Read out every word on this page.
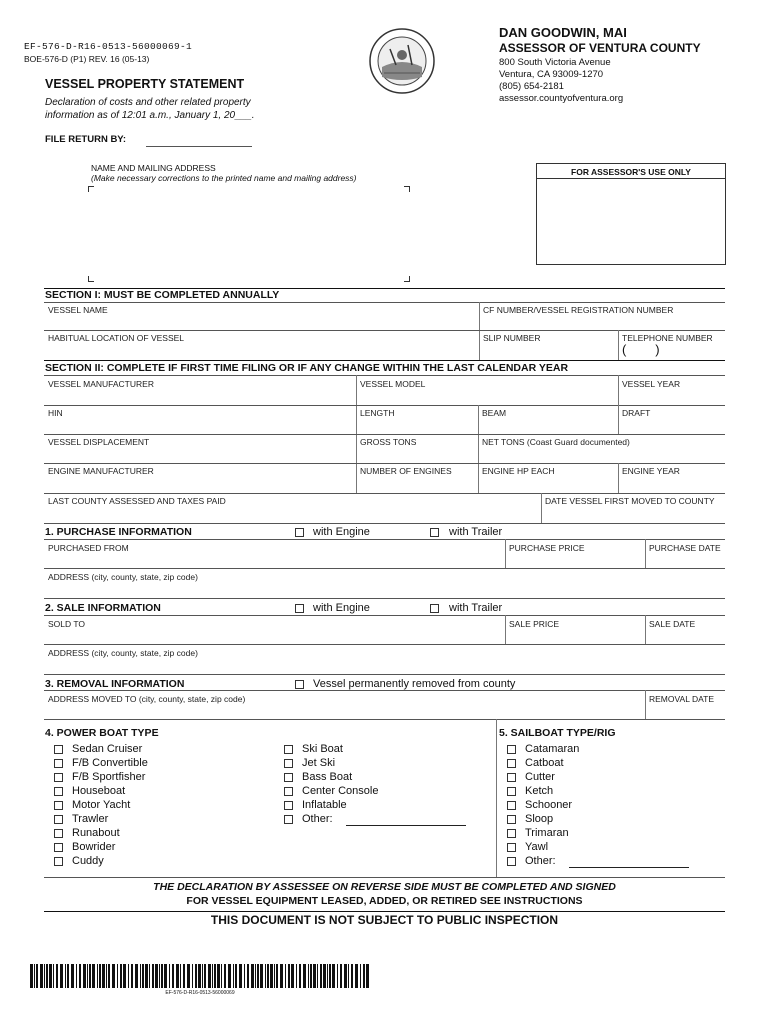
EF-576-D-R16-0513-56000069-1
BOE-576-D (P1) REV. 16 (05-13)
VESSEL PROPERTY STATEMENT
Declaration of costs and other related property
information as of 12:01 a.m., January 1, 20___.
FILE RETURN BY:
DAN GOODWIN, MAI
ASSESSOR OF VENTURA COUNTY
800 South Victoria Avenue
Ventura, CA 93009-1270
(805) 654-2181
assessor.countyofventura.org
NAME AND MAILING ADDRESS
(Make necessary corrections to the printed name and mailing address)
FOR ASSESSOR'S USE ONLY
SECTION I: MUST BE COMPLETED ANNUALLY
VESSEL NAME	CF NUMBER/VESSEL REGISTRATION NUMBER
HABITUAL LOCATION OF VESSEL	SLIP NUMBER	TELEPHONE NUMBER
(        )
SECTION II: COMPLETE IF FIRST TIME FILING OR IF ANY CHANGE WITHIN THE LAST CALENDAR YEAR
VESSEL MANUFACTURER	VESSEL MODEL	VESSEL YEAR
HIN	LENGTH	BEAM	DRAFT
VESSEL DISPLACEMENT	GROSS TONS	NET TONS (Coast Guard documented)
ENGINE MANUFACTURER	NUMBER OF ENGINES	ENGINE HP EACH	ENGINE YEAR
LAST COUNTY ASSESSED AND TAXES PAID	DATE VESSEL FIRST MOVED TO COUNTY
1. PURCHASE INFORMATION	with Engine	with Trailer
PURCHASED FROM	PURCHASE PRICE	PURCHASE DATE
ADDRESS (city, county, state, zip code)
2. SALE INFORMATION	with Engine	with Trailer
SOLD TO	SALE PRICE	SALE DATE
ADDRESS (city, county, state, zip code)
3. REMOVAL INFORMATION	Vessel permanently removed from county
ADDRESS MOVED TO (city, county, state, zip code)	REMOVAL DATE
4. POWER BOAT TYPE
Sedan Cruiser
F/B Convertible
F/B Sportfisher
Houseboat
Motor Yacht
Trawler
Runabout
Bowrider
Cuddy
Ski Boat
Jet Ski
Bass Boat
Center Console
Inflatable
Other:
5. SAILBOAT TYPE/RIG
Catamaran
Catboat
Cutter
Ketch
Schooner
Sloop
Trimaran
Yawl
Other:
THE DECLARATION BY ASSESSEE ON REVERSE SIDE MUST BE COMPLETED AND SIGNED
FOR VESSEL EQUIPMENT LEASED, ADDED, OR RETIRED SEE INSTRUCTIONS
THIS DOCUMENT IS NOT SUBJECT TO PUBLIC INSPECTION
EF-576-D-R16-0513-56000069
